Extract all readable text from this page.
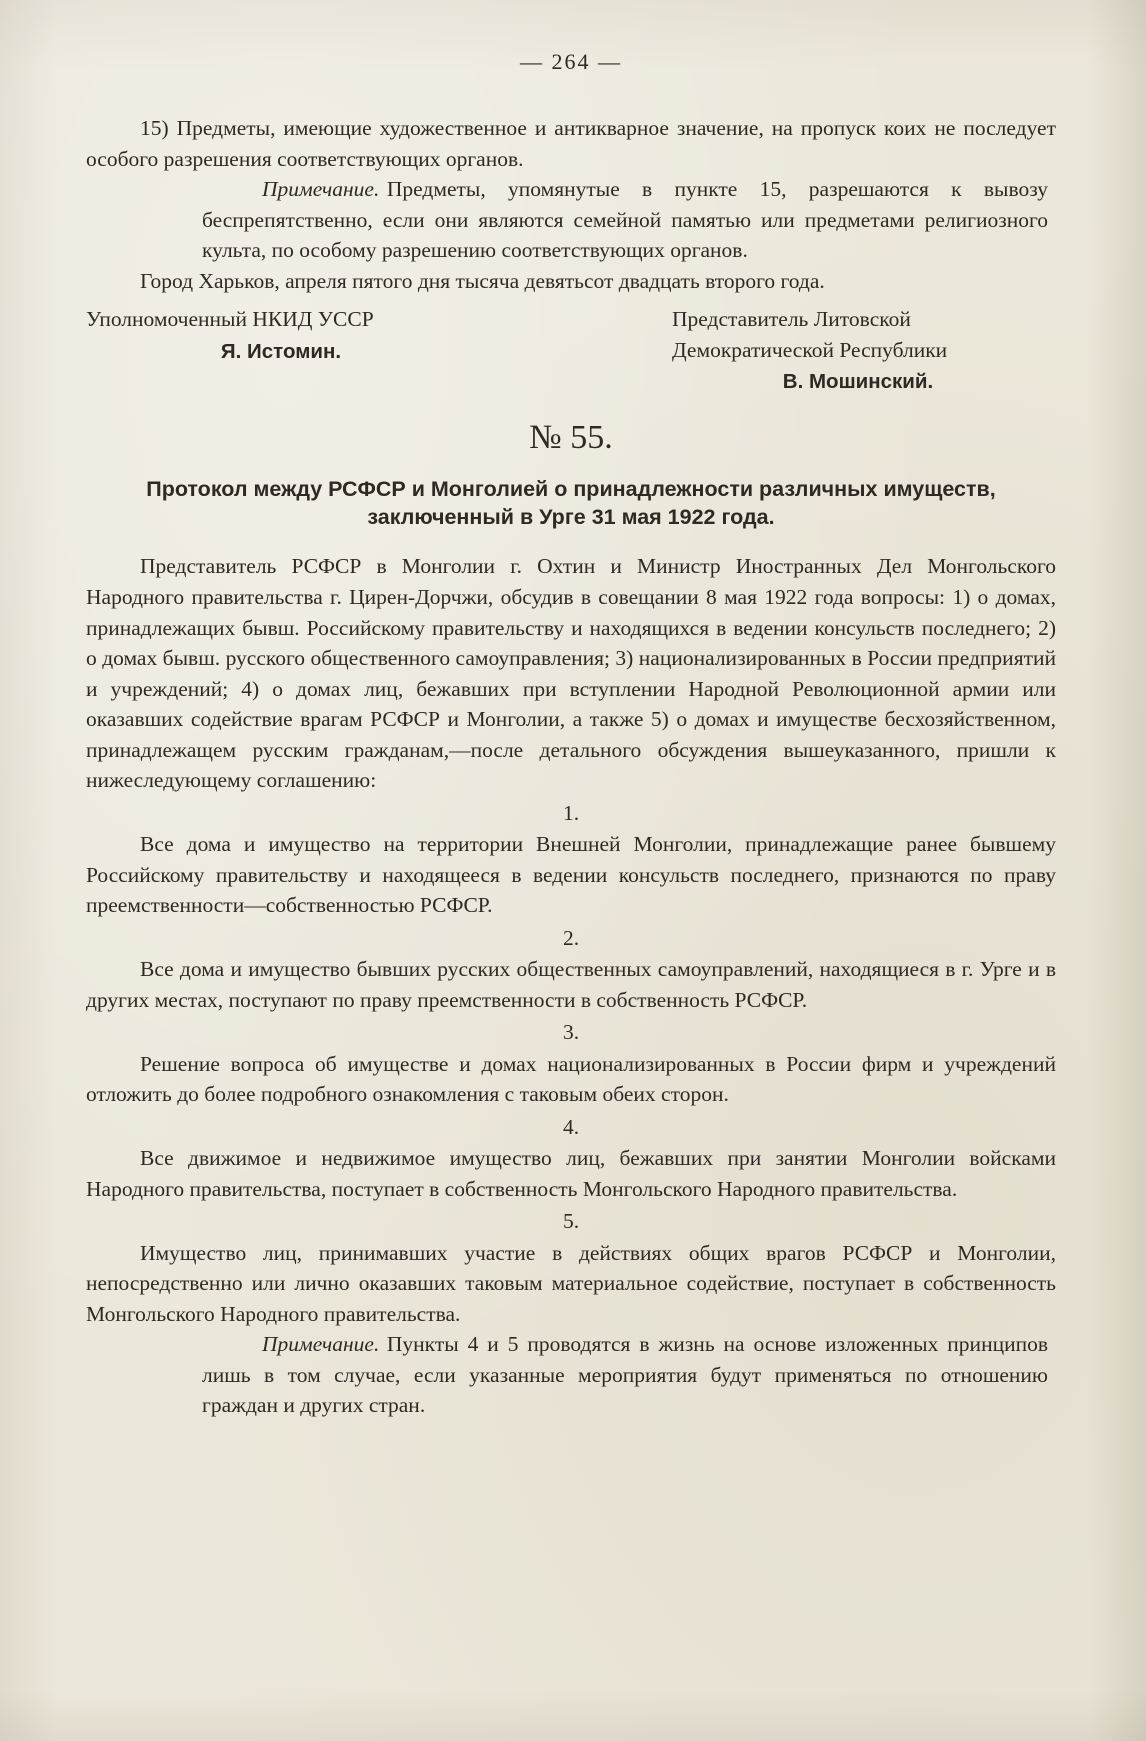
— 264 —

15) Предметы, имеющие художественное и антикварное значение, на пропуск коих не последует особого разрешения соответствующих органов.

Примечание. Предметы, упомянутые в пункте 15, разрешаются к вывозу беспрепятственно, если они являются семейной памятью или предметами религиозного культа, по особому разрешению соответствующих органов.

Город Харьков, апреля пятого дня тысяча девятьсот двадцать второго года.

Уполномоченный НКИД УССР
Я. Истомин.
Представитель Литовской Демократической Республики
В. Мошинский.
№ 55.
Протокол между РСФСР и Монголией о принадлежности различных имуществ, заключенный в Урге 31 мая 1922 года.

Представитель РСФСР в Монголии г. Охтин и Министр Иностранных Дел Монгольского Народного правительства г. Цирен-Дорчжи, обсудив в совещании 8 мая 1922 года вопросы: 1) о домах, принадлежащих бывш. Российскому правительству и находящихся в ведении консульств последнего; 2) о домах бывш. русского общественного самоуправления; 3) национализированных в России предприятий и учреждений; 4) о домах лиц, бежавших при вступлении Народной Революционной армии или оказавших содействие врагам РСФСР и Монголии, а также 5) о домах и имуществе бесхозяйственном, принадлежащем русским гражданам,—после детального обсуждения вышеуказанного, пришли к нижеследующему соглашению:

1.

Все дома и имущество на территории Внешней Монголии, принадлежащие ранее бывшему Российскому правительству и находящееся в ведении консульств последнего, признаются по праву преемственности—собственностью РСФСР.

2.

Все дома и имущество бывших русских общественных самоуправлений, находящиеся в г. Урге и в других местах, поступают по праву преемственности в собственность РСФСР.

3.

Решение вопроса об имуществе и домах национализированных в России фирм и учреждений отложить до более подробного ознакомления с таковым обеих сторон.

4.

Все движимое и недвижимое имущество лиц, бежавших при занятии Монголии войсками Народного правительства, поступает в собственность Монгольского Народного правительства.

5.

Имущество лиц, принимавших участие в действиях общих врагов РСФСР и Монголии, непосредственно или лично оказавших таковым материальное содействие, поступает в собственность Монгольского Народного правительства.

Примечание. Пункты 4 и 5 проводятся в жизнь на основе изложенных принципов лишь в том случае, если указанные мероприятия будут применяться по отношению граждан и других стран.
